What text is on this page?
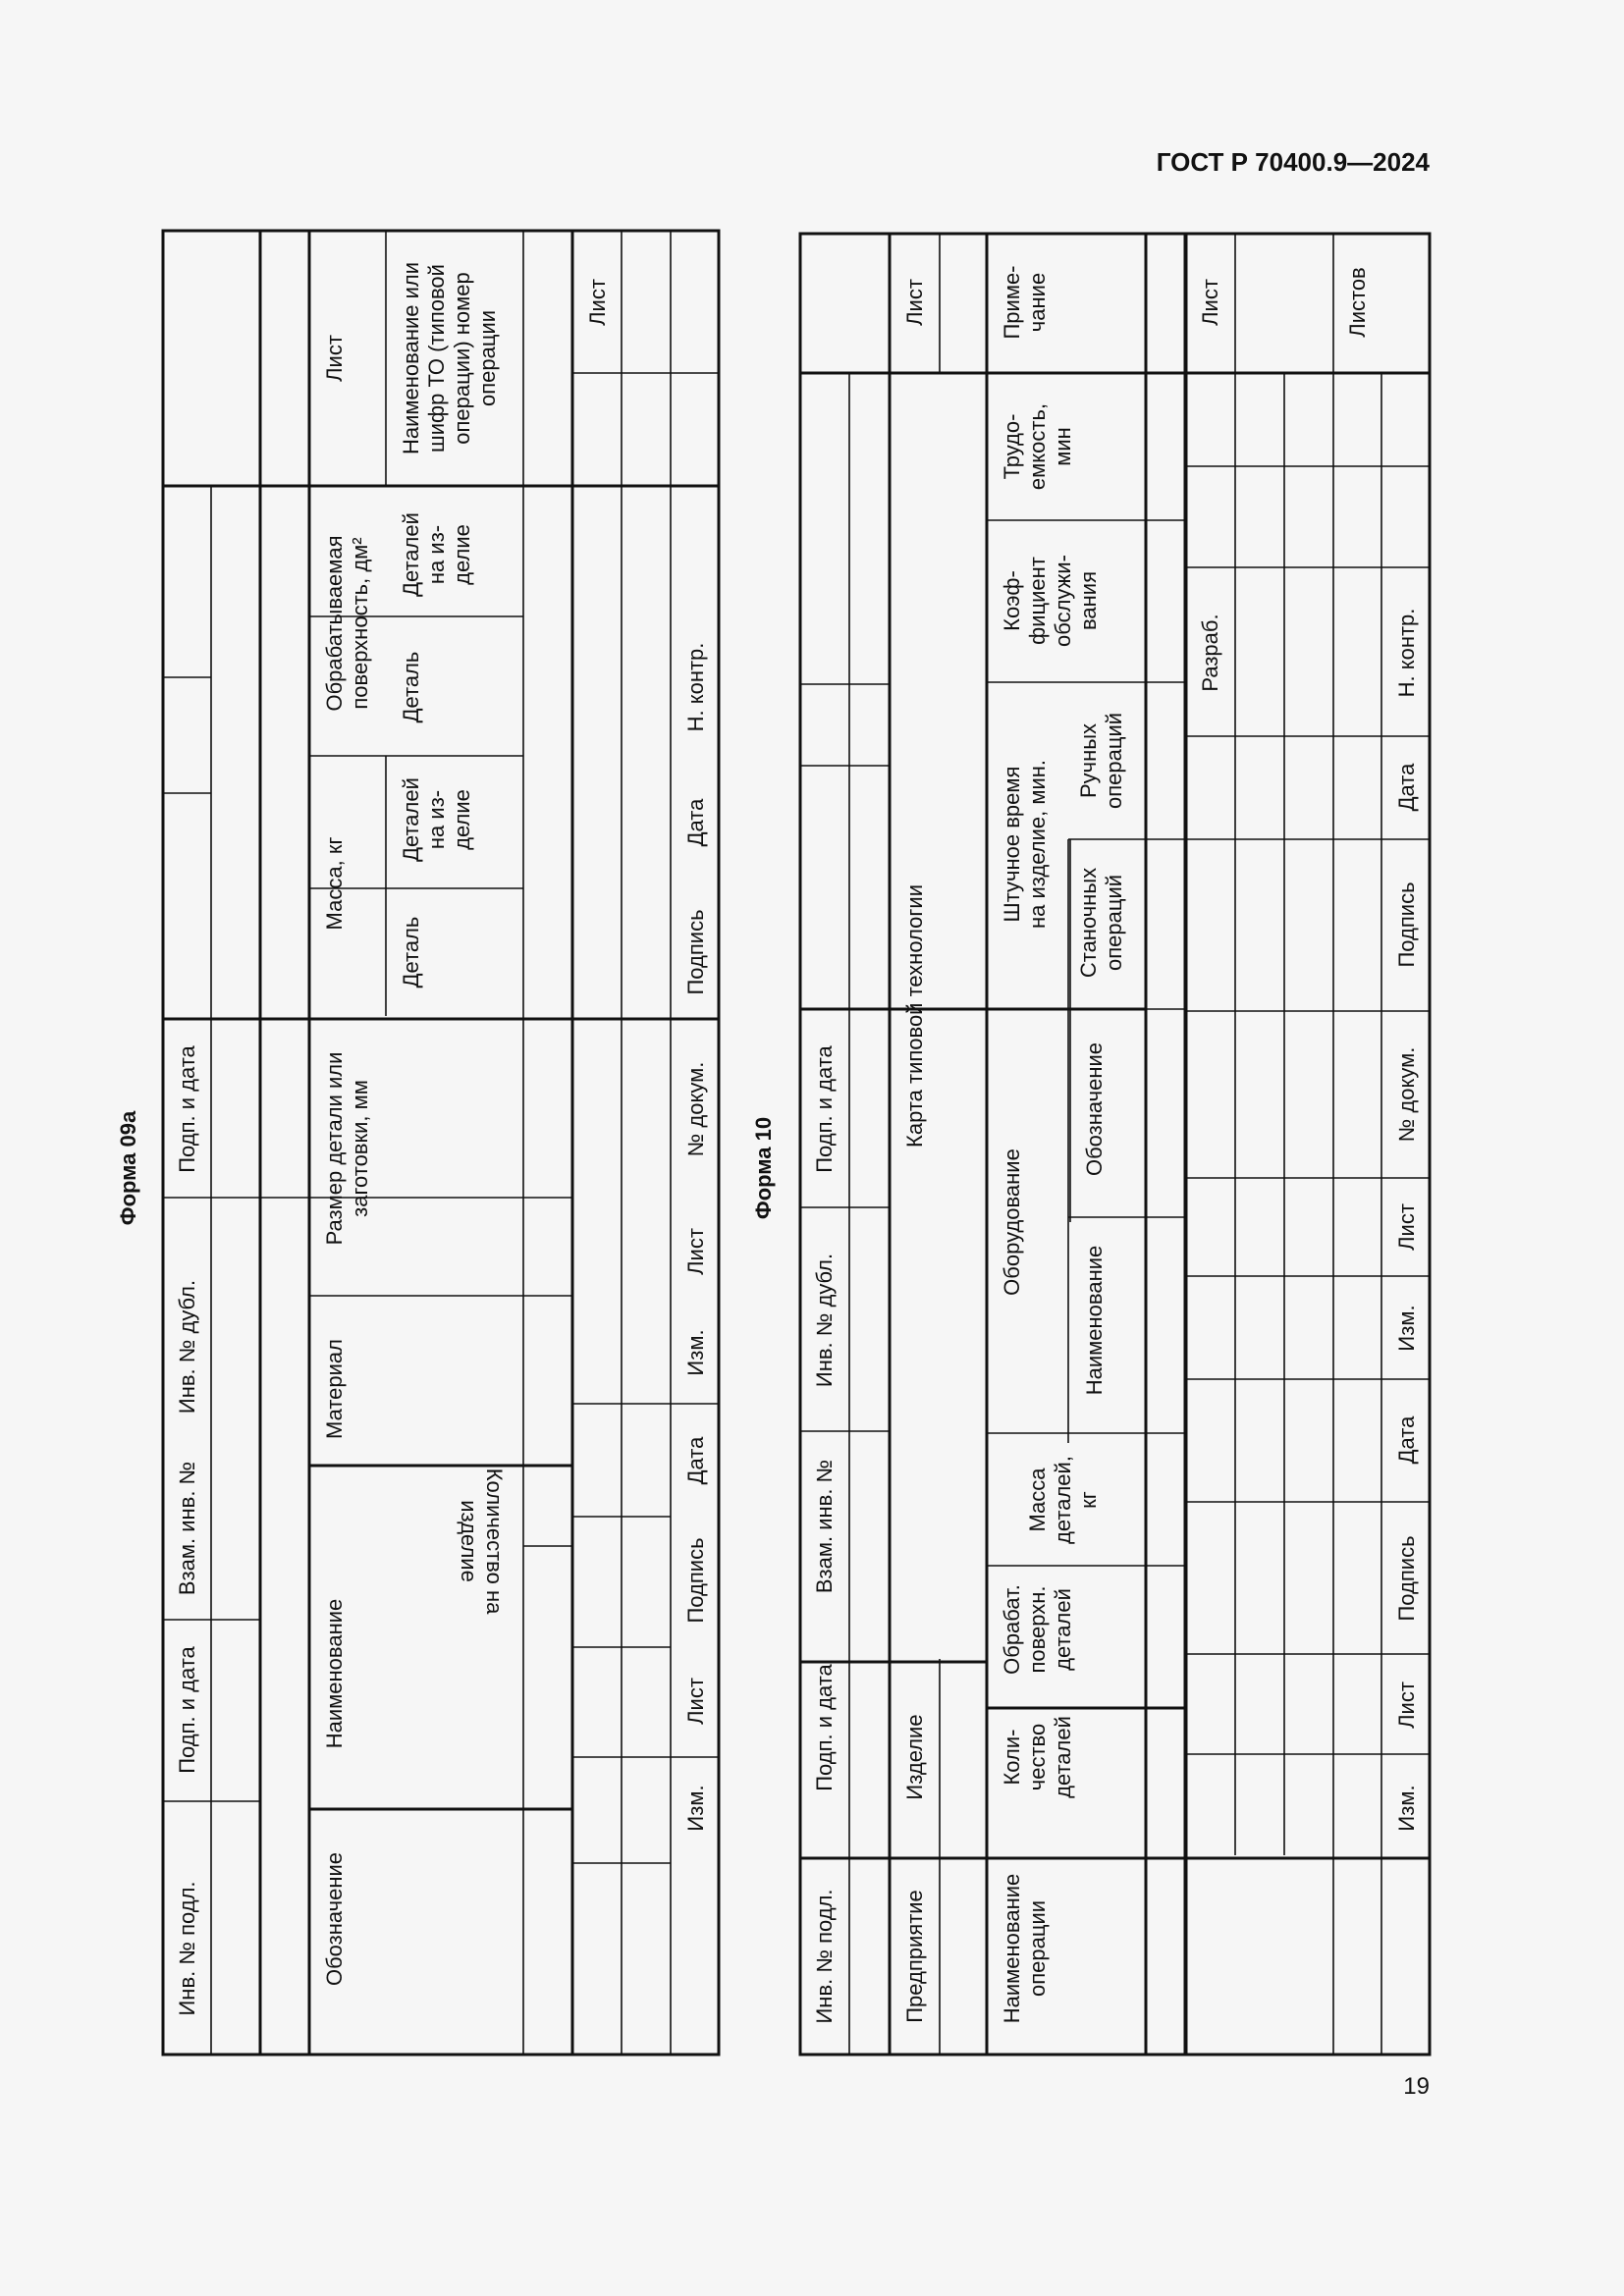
ГОСТ Р 70400.9—2024
19
Форма 09а
Инв. № подл.
Подп. и дата
Взам. инв. №
Инв. № дубл.
Подп. и дата
Обозначение
Наименование
Количество на
изделие
Материал
Размер детали или заготовки, мм
Масса, кг
Деталь
Деталей на из- делие
Обрабатываемая поверхность, дм² Деталь
Деталей на из- делие
Лист Наименование или шифр ТО (типовой операции) номер операции
Изм.
Лист
Подпись
Дата
Изм.
Лист
№ докум.
Подпись
Дата
Н. контр.
Лист
Форма 10
Инв. № подл.
Подп. и дата
Взам. инв. №
Инв. № дубл.
Подп. и дата
Предприятие
Изделие
Карта типовой технологии
Лист
Наименование операции
Коли- чество деталей
Обрабат. поверхн. деталей
Масса деталей, кг
Оборудование
Наименование
Обозначение
Штучное время на изделие, мин. Станочных операций
Ручных операций
Коэф- фициент обслужи- вания
Трудо- емкость, мин
Приме- чание
Изм.
Лист
Подпись
Дата
Изм.
Лист
№ докум.
Подпись
Дата
Разраб.	Н. контр.
Лист	Листов
